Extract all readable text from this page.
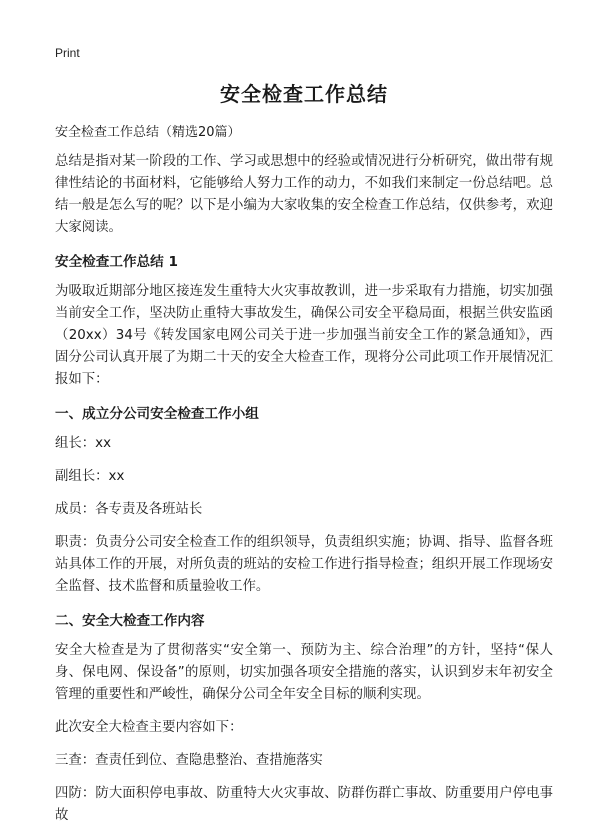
Print
安全检查工作总结

安全检查工作总结（精选20篇）

总结是指对某一阶段的工作、学习或思想中的经验或情况进行分析研究，做出带有规律性结论的书面材料，它能够给人努力工作的动力，不如我们来制定一份总结吧。总结一般是怎么写的呢？以下是小编为大家收集的安全检查工作总结，仅供参考，欢迎大家阅读。

安全检查工作总结 1

为吸取近期部分地区接连发生重特大火灾事故教训，进一步采取有力措施，切实加强当前安全工作，坚决防止重特大事故发生，确保公司安全平稳局面，根据兰供安监函（20xx）34号《转发国家电网公司关于进一步加强当前安全工作的紧急通知》，西固分公司认真开展了为期二十天的安全大检查工作，现将分公司此项工作开展情况汇报如下：

一、成立分公司安全检查工作小组

组长：xx

副组长：xx

成员：各专责及各班站长

职责：负责分公司安全检查工作的组织领导，负责组织实施；协调、指导、监督各班站具体工作的开展，对所负责的班站的安检工作进行指导检查；组织开展工作现场安全监督、技术监督和质量验收工作。

二、安全大检查工作内容

安全大检查是为了贯彻落实“安全第一、预防为主、综合治理”的方针，坚持“保人身、保电网、保设备”的原则，切实加强各项安全措施的落实，认识到岁末年初安全管理的重要性和严峻性，确保分公司全年安全目标的顺利实现。

此次安全大检查主要内容如下：

三查：查责任到位、查隐患整治、查措施落实

四防：防大面积停电事故、防重特大火灾事故、防群伤群亡事故、防重要用户停电事故
